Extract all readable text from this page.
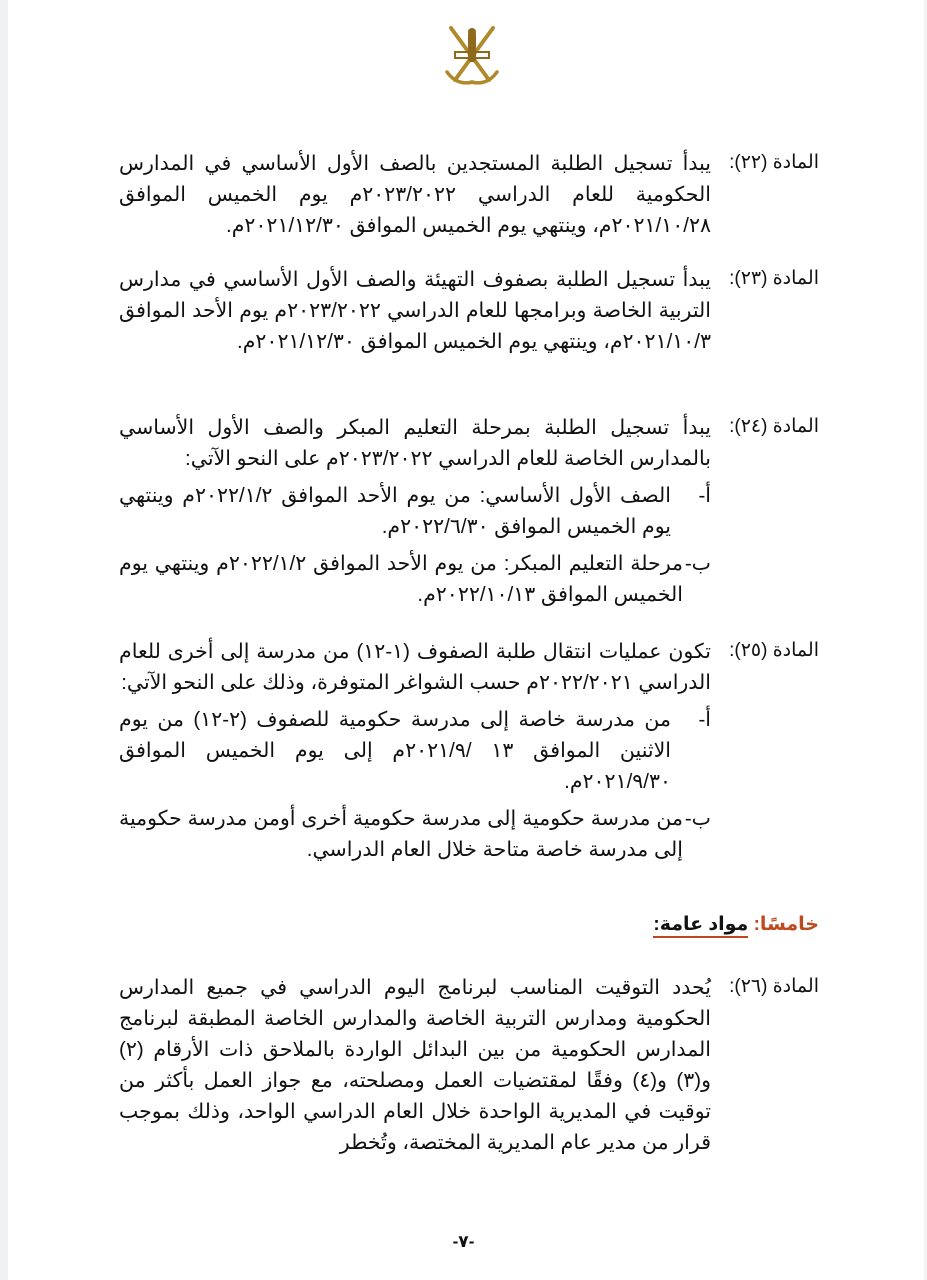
المادة (٢٢):

يبدأ تسجيل الطلبة المستجدين بالصف الأول الأساسي في المدارس الحكومية للعام الدراسي ٢٠٢٣/٢٠٢٢م يوم الخميس الموافق ٢٠٢١/١٠/٢٨م، وينتهي يوم الخميس الموافق ٢٠٢١/١٢/٣٠م.

المادة (٢٣):

يبدأ تسجيل الطلبة بصفوف التهيئة والصف الأول الأساسي في مدارس التربية الخاصة وبرامجها للعام الدراسي ٢٠٢٣/٢٠٢٢م يوم الأحد الموافق ٢٠٢١/١٠/٣م، وينتهي يوم الخميس الموافق ٢٠٢١/١٢/٣٠م.

المادة (٢٤):

يبدأ تسجيل الطلبة بمرحلة التعليم المبكر والصف الأول الأساسي بالمدارس الخاصة للعام الدراسي ٢٠٢٣/٢٠٢٢م على النحو الآتي:

أ-
الصف الأول الأساسي: من يوم الأحد الموافق ٢٠٢٢/١/٢م وينتهي يوم الخميس الموافق ٢٠٢٢/٦/٣٠م.
ب-
مرحلة التعليم المبكر: من يوم الأحد الموافق ٢٠٢٢/١/٢م وينتهي يوم الخميس الموافق ٢٠٢٢/١٠/١٣م.
المادة (٢٥):

تكون عمليات انتقال طلبة الصفوف (١-١٢) من مدرسة إلى أخرى للعام الدراسي ٢٠٢٢/٢٠٢١م حسب الشواغر المتوفرة، وذلك على النحو الآتي:

أ-
من مدرسة خاصة إلى مدرسة حكومية للصفوف (٢-١٢) من يوم الاثنين الموافق ١٣ /٢٠٢١/٩م إلى يوم الخميس الموافق ٢٠٢١/٩/٣٠م.
ب-
من مدرسة حكومية إلى مدرسة حكومية أخرى أومن مدرسة حكومية إلى مدرسة خاصة متاحة خلال العام الدراسي.
خامسًا: مواد عامة:
المادة (٢٦):

يُحدد التوقيت المناسب لبرنامج اليوم الدراسي في جميع المدارس الحكومية ومدارس التربية الخاصة والمدارس الخاصة المطبقة لبرنامج المدارس الحكومية من بين البدائل الواردة بالملاحق ذات الأرقام (٢) و(٣) و(٤) وفقًا لمقتضيات العمل ومصلحته، مع جواز العمل بأكثر من توقيت في المديرية الواحدة خلال العام الدراسي الواحد، وذلك بموجب قرار من مدير عام المديرية المختصة، وتُخطر

-٧-
